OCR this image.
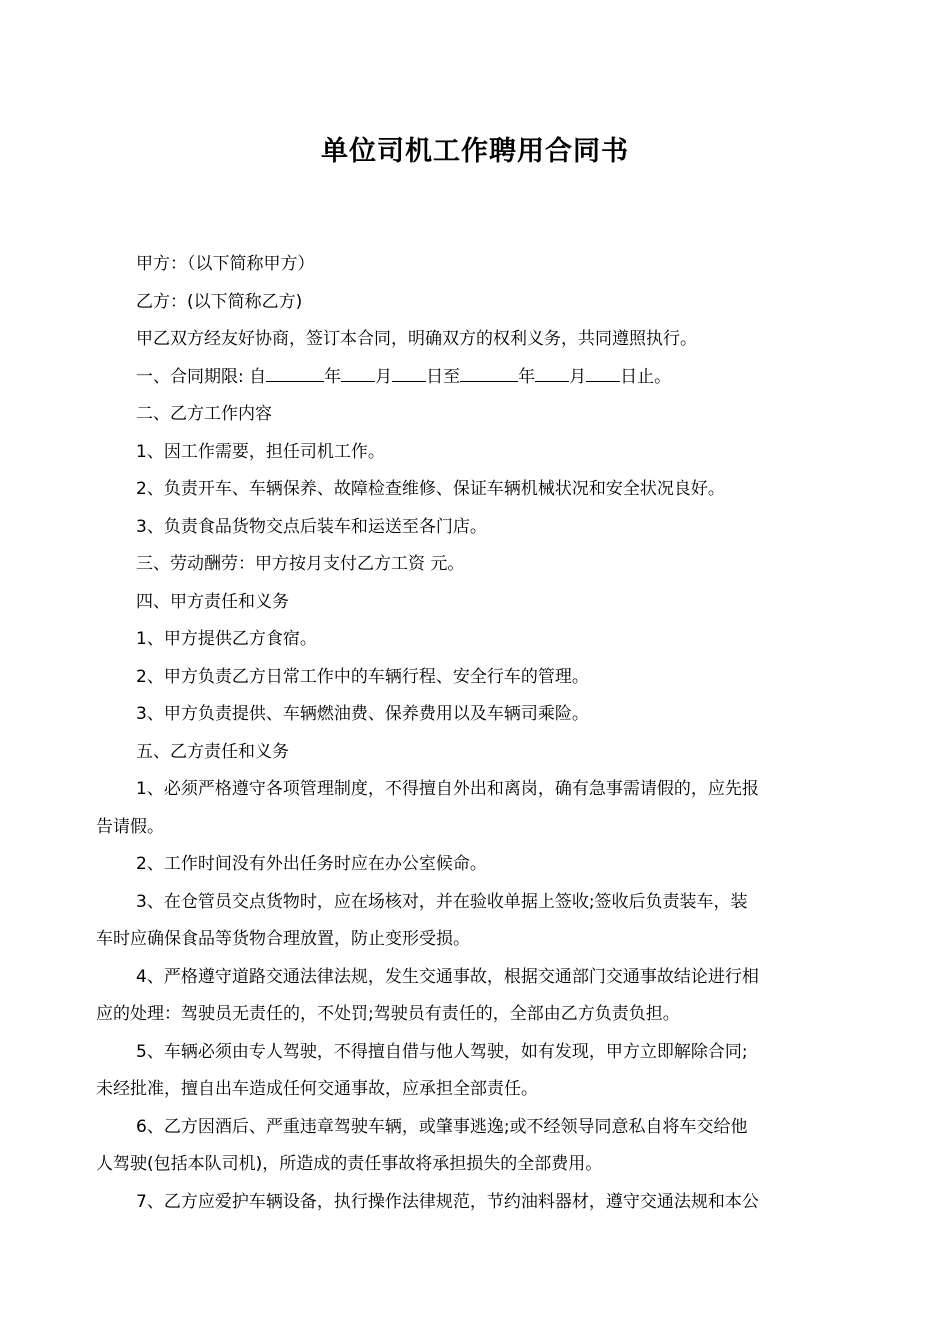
单位司机工作聘用合同书

甲方：（以下简称甲方）

乙方：(以下简称乙方)

甲乙双方经友好协商，签订本合同，明确双方的权利义务，共同遵照执行。

一、合同期限: 自	年 月 日至	年 月 日止。

二、乙方工作内容

1、因工作需要，担任司机工作。

2、负责开车、车辆保养、故障检查维修、保证车辆机械状况和安全状况良好。

3、负责食品货物交点后装车和运送至各门店。

三、劳动酬劳：甲方按月支付乙方工资 元。

四、甲方责任和义务

1、甲方提供乙方食宿。

2、甲方负责乙方日常工作中的车辆行程、安全行车的管理。

3、甲方负责提供、车辆燃油费、保养费用以及车辆司乘险。

五、乙方责任和义务

1、必须严格遵守各项管理制度，不得擅自外出和离岗，确有急事需请假的，应先报
告请假。

2、工作时间没有外出任务时应在办公室候命。

3、在仓管员交点货物时，应在场核对，并在验收单据上签收;签收后负责装车，装
车时应确保食品等货物合理放置，防止变形受损。

4、严格遵守道路交通法律法规，发生交通事故，根据交通部门交通事故结论进行相
应的处理：驾驶员无责任的，不处罚;驾驶员有责任的，全部由乙方负责负担。

5、车辆必须由专人驾驶，不得擅自借与他人驾驶，如有发现，甲方立即解除合同;
未经批准，擅自出车造成任何交通事故，应承担全部责任。

6、乙方因酒后、严重违章驾驶车辆，或肇事逃逸;或不经领导同意私自将车交给他
人驾驶(包括本队司机)，所造成的责任事故将承担损失的全部费用。

7、乙方应爱护车辆设备，执行操作法律规范，节约油料器材，遵守交通法规和本公
